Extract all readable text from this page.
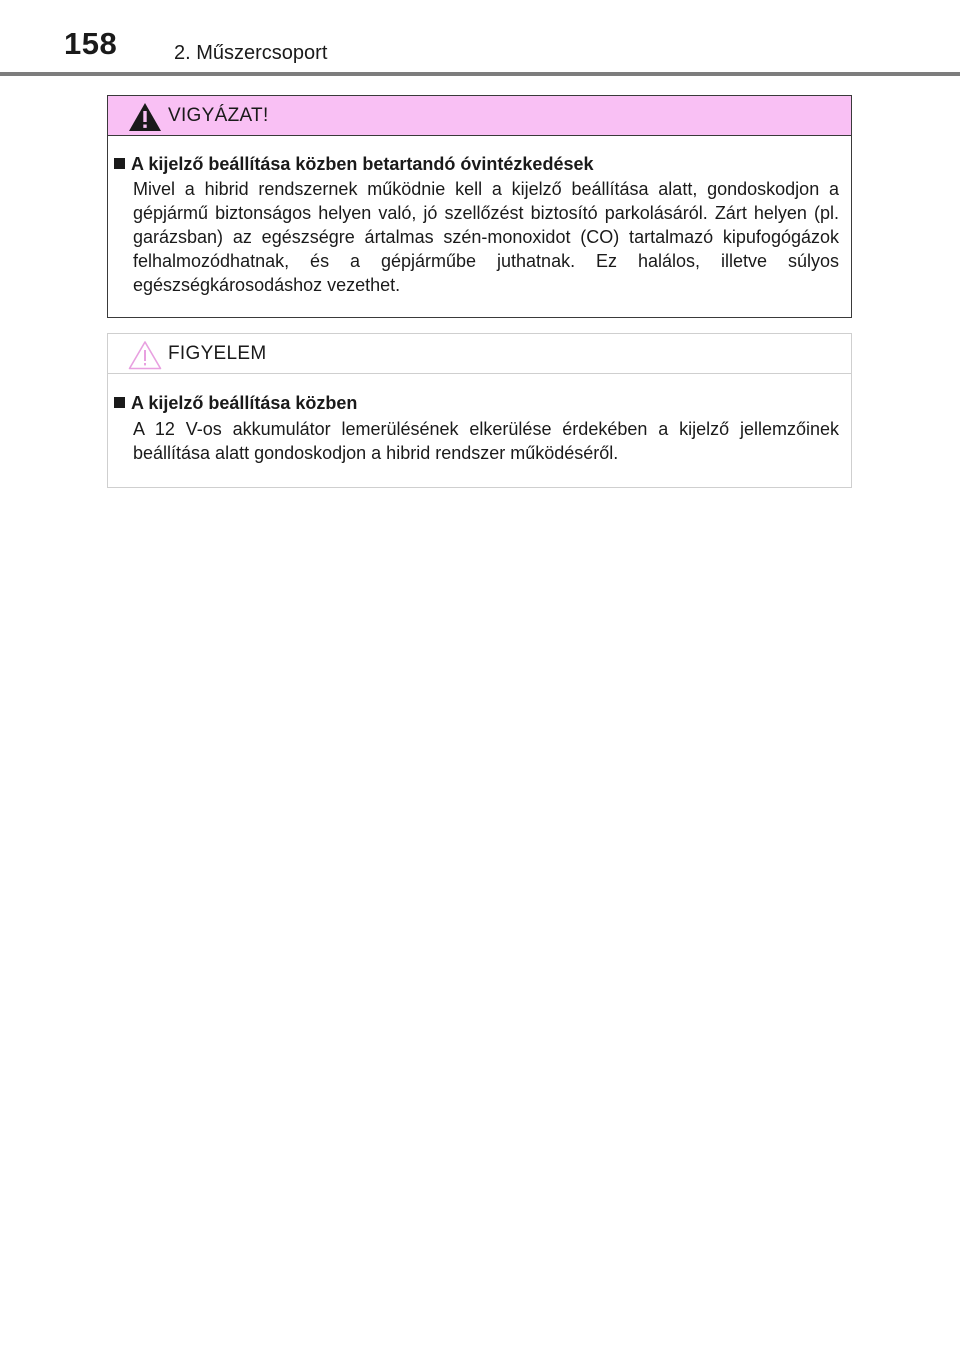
158	2. Műszercsoport
VIGYÁZAT!
A kijelző beállítása közben betartandó óvintézkedések
Mivel a hibrid rendszernek működnie kell a kijelző beállítása alatt, gondoskodjon a gépjármű biztonságos helyen való, jó szellőzést biztosító parkolásáról. Zárt helyen (pl. garázsban) az egészségre ártalmas szén-monoxidot (CO) tartalmazó kipufogógázok felhalmozódhatnak, és a gépjárműbe juthatnak. Ez halálos, illetve súlyos egészségkárosodáshoz vezethet.
FIGYELEM
A kijelző beállítása közben
A 12 V-os akkumulátor lemerülésének elkerülése érdekében a kijelző jellemzőinek beállítása alatt gondoskodjon a hibrid rendszer működéséről.
